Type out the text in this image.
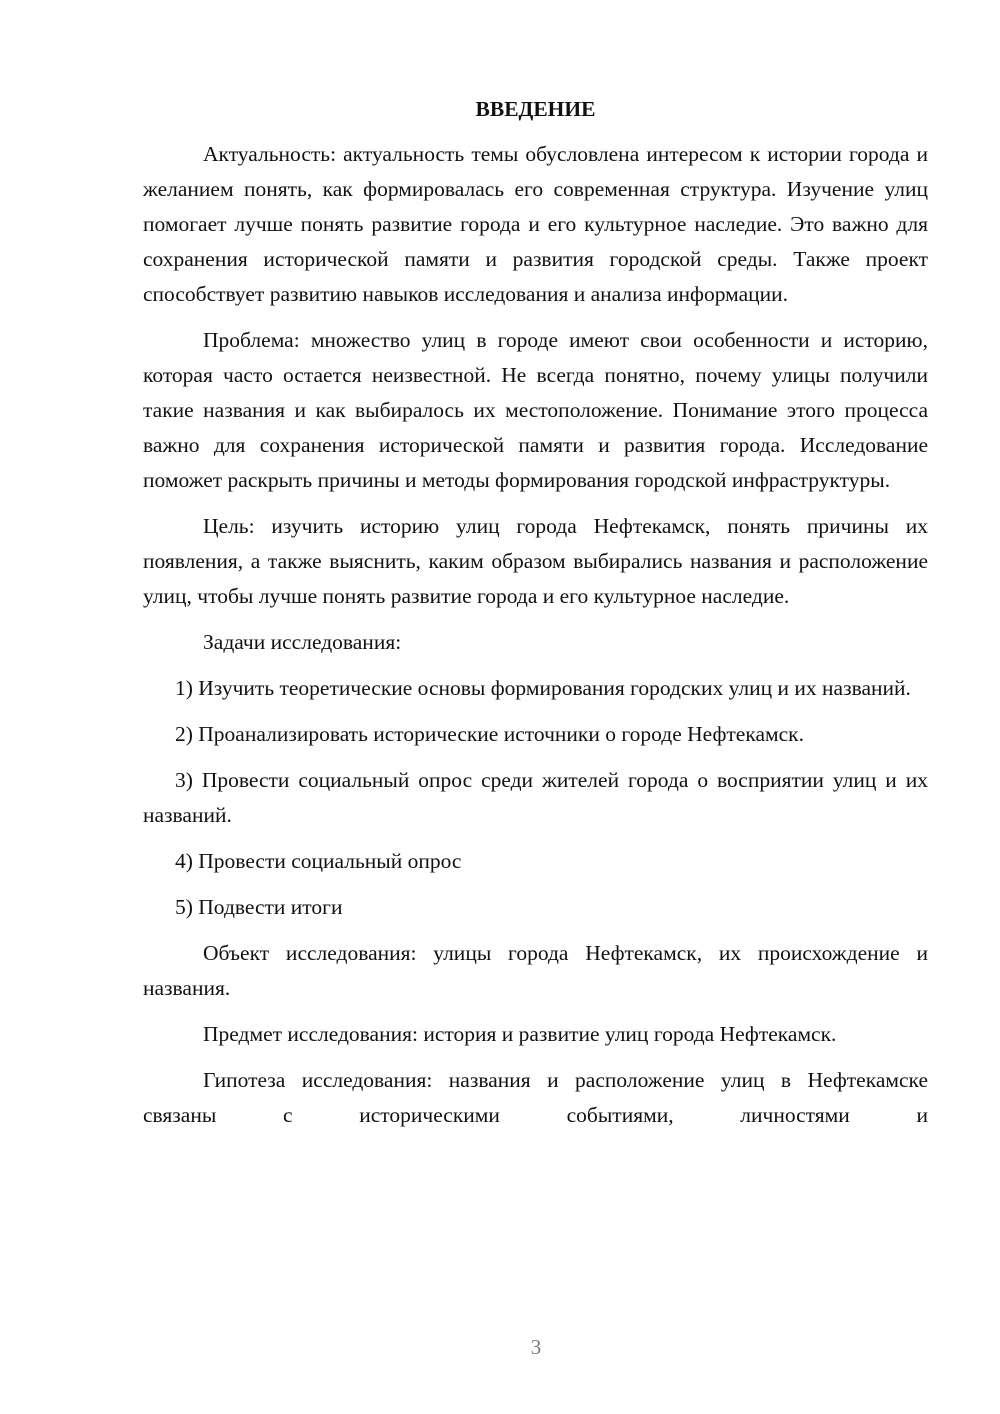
ВВЕДЕНИЕ

Актуальность: актуальность темы обусловлена интересом к истории города и желанием понять, как формировалась его современная структура. Изучение улиц помогает лучше понять развитие города и его культурное наследие. Это важно для сохранения исторической памяти и развития городской среды. Также проект способствует развитию навыков исследования и анализа информации.

Проблема: множество улиц в городе имеют свои особенности и историю, которая часто остается неизвестной. Не всегда понятно, почему улицы получили такие названия и как выбиралось их местоположение. Понимание этого процесса важно для сохранения исторической памяти и развития города. Исследование поможет раскрыть причины и методы формирования городской инфраструктуры.

Цель: изучить историю улиц города Нефтекамск, понять причины их появления, а также выяснить, каким образом выбирались названия и расположение улиц, чтобы лучше понять развитие города и его культурное наследие.

Задачи исследования:

1) Изучить теоретические основы формирования городских улиц и их названий.

2) Проанализировать исторические источники о городе Нефтекамск.

3) Провести социальный опрос среди жителей города о восприятии улиц и их названий.

4) Провести социальный опрос

5) Подвести итоги

Объект исследования: улицы города Нефтекамск, их происхождение и названия.

Предмет исследования: история и развитие улиц города Нефтекамск.

Гипотеза исследования: названия и расположение улиц в Нефтекамске связаны с историческими событиями, личностями и

3
